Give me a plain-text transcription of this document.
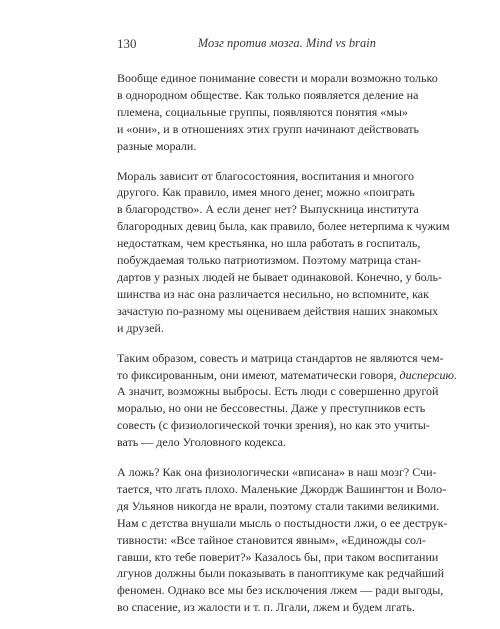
130	Мозг против мозга. Mind vs brain

Вообще единое понимание совести и морали возможно только
в однородном обществе. Как только появляется деление на
племена, социальные группы, появляются понятия «мы»
и «они», и в отношениях этих групп начинают действовать
разные морали.

Мораль зависит от благосостояния, воспитания и многого
другого. Как правило, имея много денег, можно «поиграть
в благородство». А если денег нет? Выпускница института
благородных девиц была, как правило, более нетерпима к чужим
недостаткам, чем крестьянка, но шла работать в госпиталь,
побуждаемая только патриотизмом. Поэтому матрица стан-
дартов у разных людей не бывает одинаковой. Конечно, у боль-
шинства из нас она различается несильно, но вспомните, как
зачастую по-разному мы оцениваем действия наших знакомых
и друзей.

Таким образом, совесть и матрица стандартов не являются чем-
то фиксированным, они имеют, математически говоря, дисперсию.
А значит, возможны выбросы. Есть люди с совершенно другой
моралью, но они не бессовестны. Даже у преступников есть
совесть (с физиологической точки зрения), но как это учиты-
вать — дело Уголовного кодекса.

А ложь? Как она физиологически «вписана» в наш мозг? Счи-
тается, что лгать плохо. Маленькие Джордж Вашингтон и Воло-
дя Ульянов никогда не врали, поэтому стали такими великими.
Нам с детства внушали мысль о постыдности лжи, о ее деструк-
тивности: «Все тайное становится явным», «Единожды сол-
гавши, кто тебе поверит?» Казалось бы, при таком воспитании
лгунов должны были показывать в паноптикуме как редчайший
феномен. Однако все мы без исключения лжем — ради выгоды,
во спасение, из жалости и т. п. Лгали, лжем и будем лгать.
